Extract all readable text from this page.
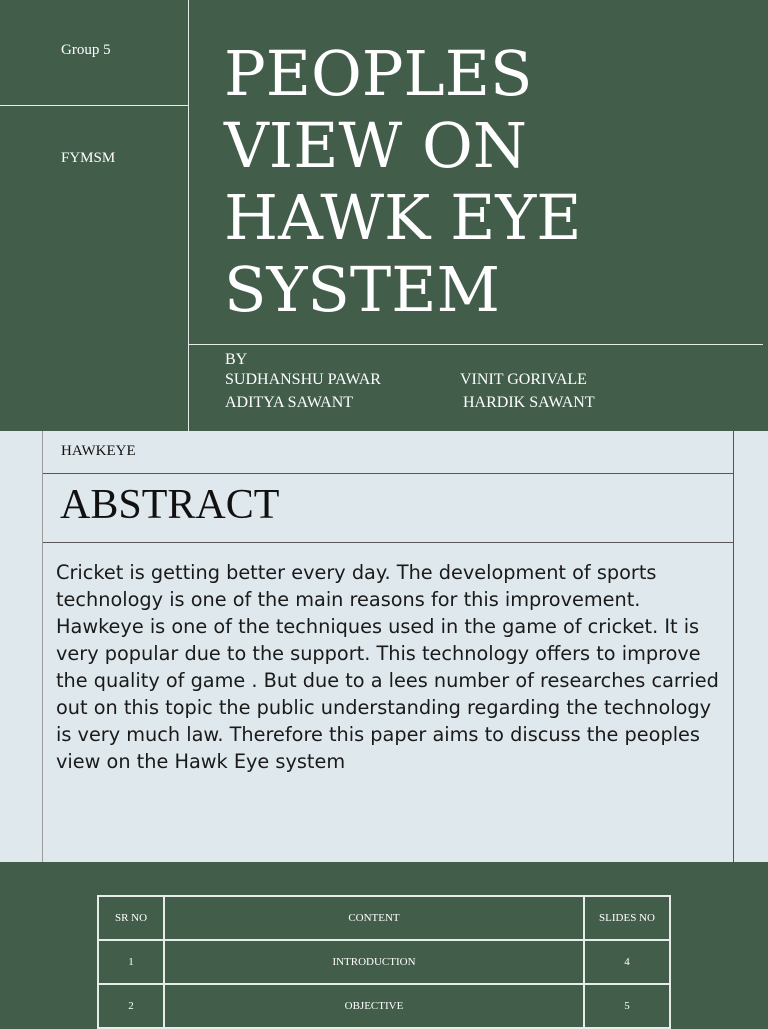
Group 5
FYMSM
PEOPLES
VIEW ON
HAWK EYE
SYSTEM
BY
SUDHANSHU PAWAR	VINIT GORIVALE
ADITYA SAWANT	HARDIK SAWANT
HAWKEYE
ABSTRACT

Cricket is getting better every day. The development of sports technology is one of the main reasons for this improvement. Hawkeye is one of the techniques used in the game of cricket. It is very popular due to the support. This technology offers to improve the quality of game . But due to a lees number of researches carried out on this topic the public understanding regarding the technology is very much law. Therefore this paper aims to discuss the peoples view on the Hawk Eye system

SR NO	CONTENT	SLIDES NO
1	INTRODUCTION	4
2	OBJECTIVE	5
